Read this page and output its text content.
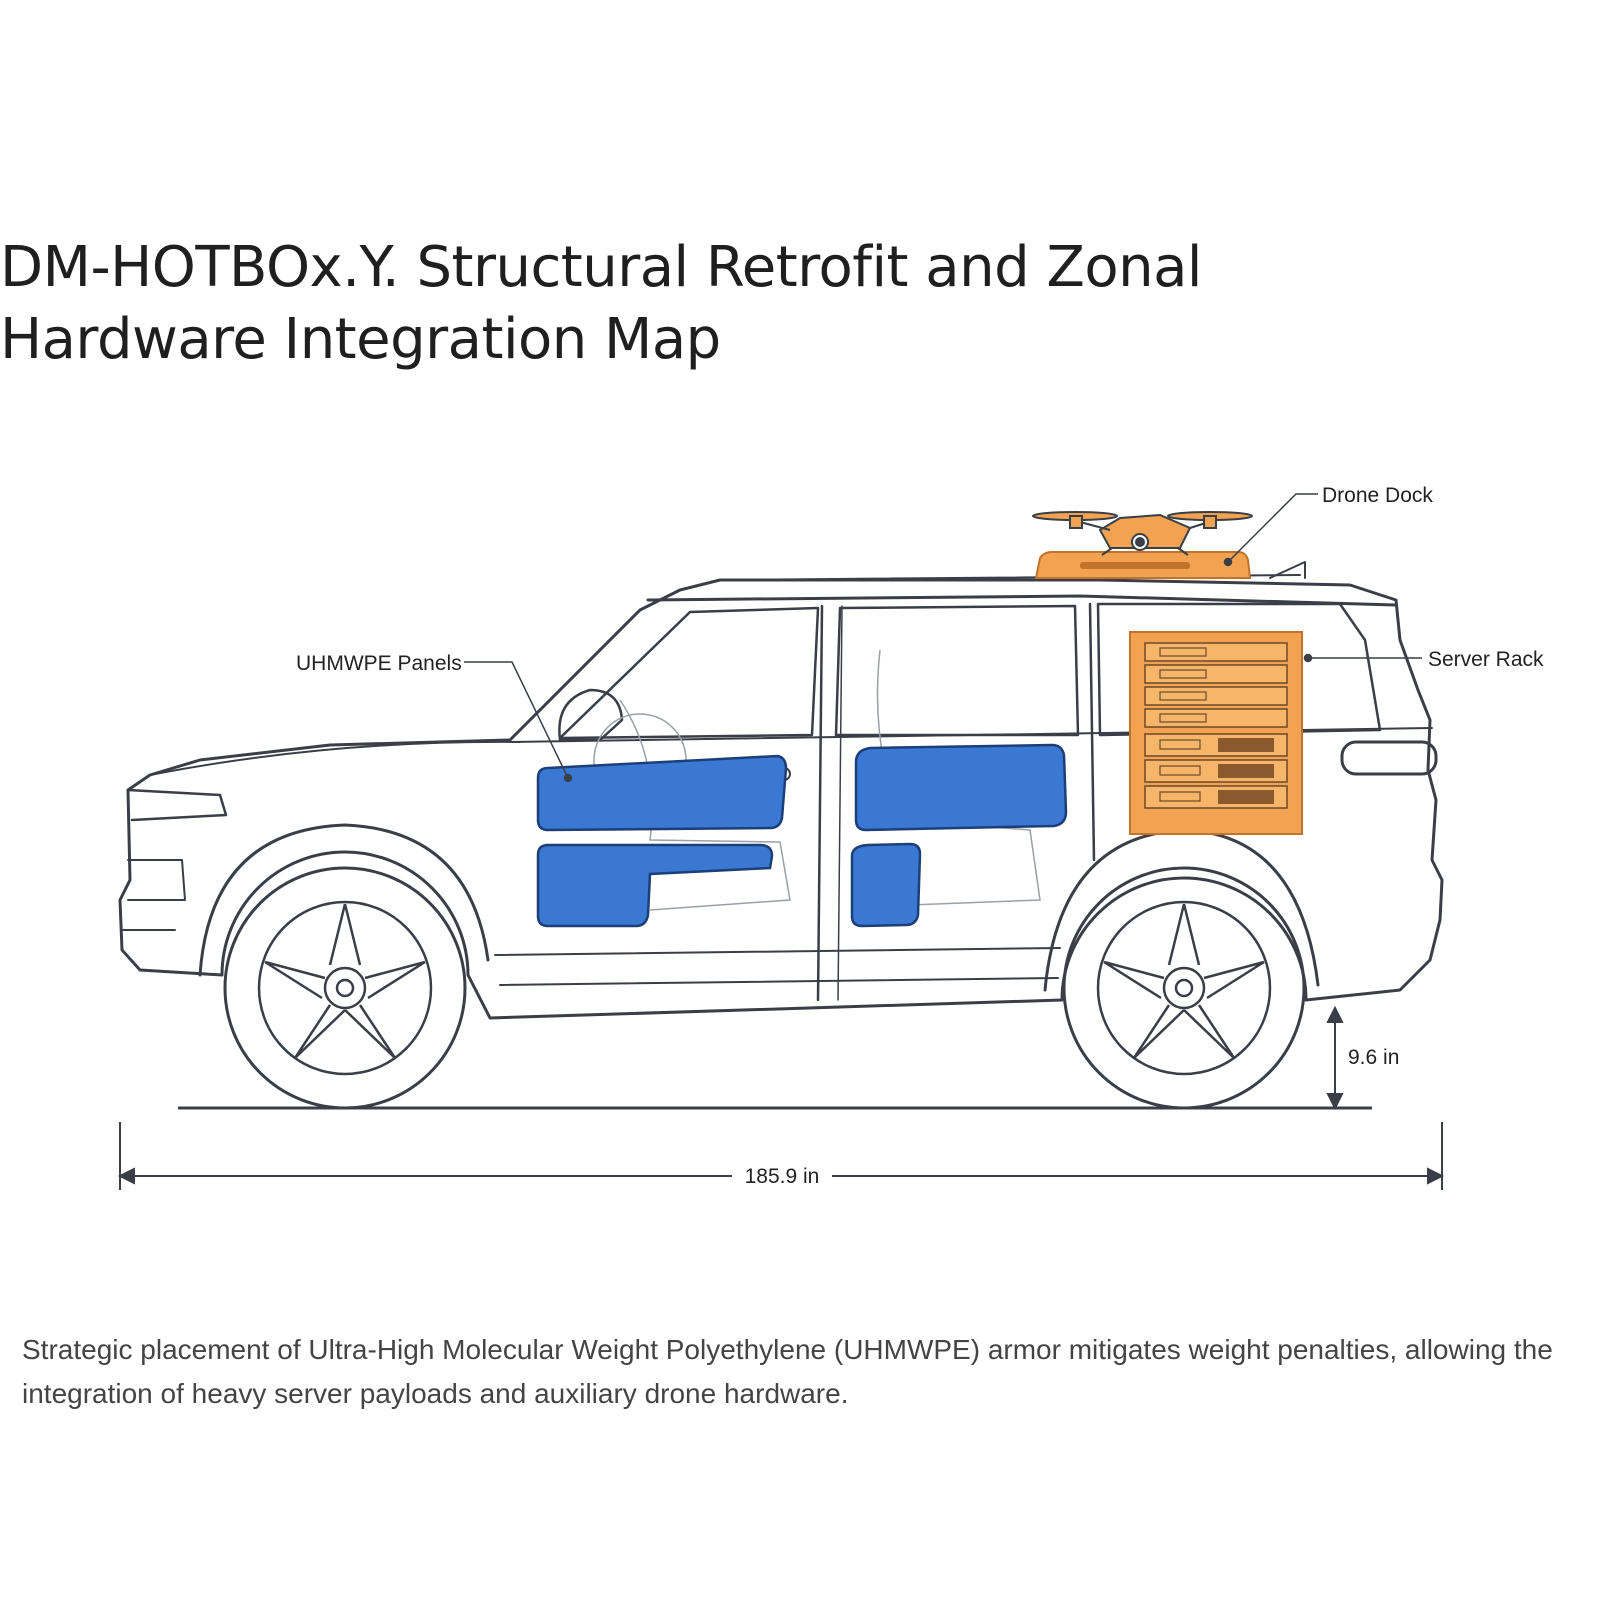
DM-HOTBOx.Y. Structural Retrofit and Zonal Hardware Integration Map
Drone Dock
Server Rack
UHMWPE Panels
9.6 in
185.9 in

Strategic placement of Ultra-High Molecular Weight Polyethylene (UHMWPE) armor mitigates weight penalties, allowing the integration of heavy server payloads and auxiliary drone hardware.
